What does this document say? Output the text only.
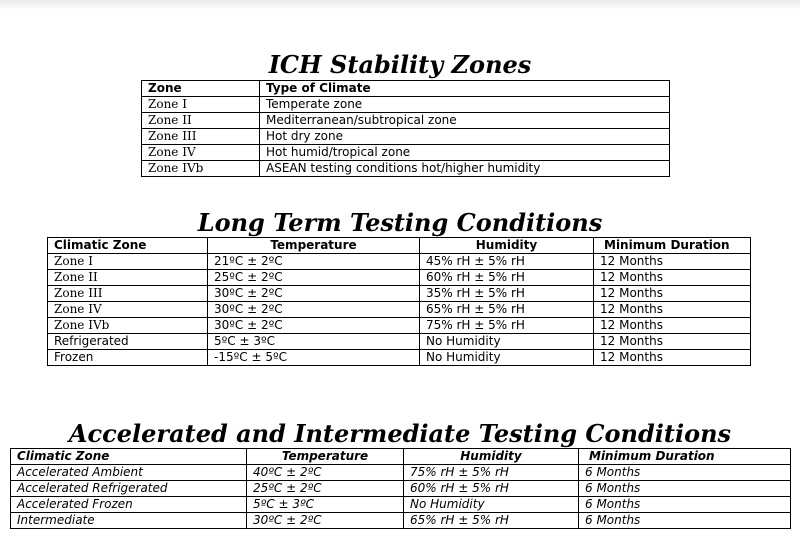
ICH Stability Zones
Zone	Type of Climate
Zone I	Temperate zone
Zone II	Mediterranean/subtropical zone
Zone III	Hot dry zone
Zone IV	Hot humid/tropical zone
Zone IVb	ASEAN testing conditions hot/higher humidity
Long Term Testing Conditions
Climatic Zone	Temperature	Humidity	Minimum Duration
Zone I	21ºC ± 2ºC	45% rH ± 5% rH	12 Months
Zone II	25ºC ± 2ºC	60% rH ± 5% rH	12 Months
Zone III	30ºC ± 2ºC	35% rH ± 5% rH	12 Months
Zone IV	30ºC ± 2ºC	65% rH ± 5% rH	12 Months
Zone IVb	30ºC ± 2ºC	75% rH ± 5% rH	12 Months
Refrigerated	5ºC ± 3ºC	No Humidity	12 Months
Frozen	-15ºC ± 5ºC	No Humidity	12 Months
Accelerated and Intermediate Testing Conditions
Climatic Zone	Temperature	Humidity	Minimum Duration
Accelerated Ambient	40ºC ± 2ºC	75% rH ± 5% rH	6 Months
Accelerated Refrigerated	25ºC ± 2ºC	60% rH ± 5% rH	6 Months
Accelerated Frozen	5ºC ± 3ºC	No Humidity	6 Months
Intermediate	30ºC ± 2ºC	65% rH ± 5% rH	6 Months
